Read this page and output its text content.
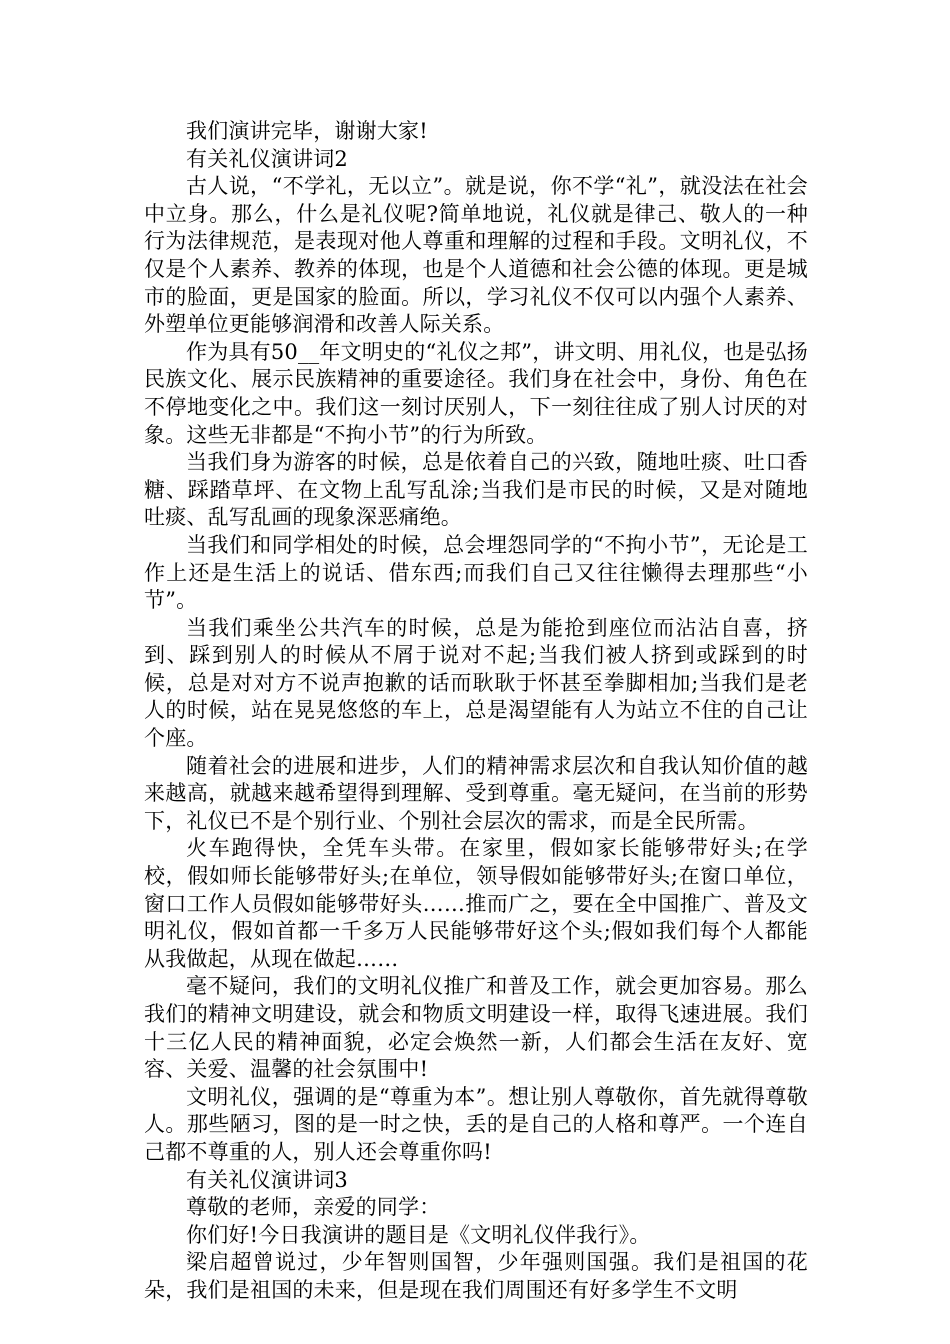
我们演讲完毕，谢谢大家!

有关礼仪演讲词2

古人说，“不学礼，无以立”。就是说，你不学“礼”，就没法在社会中立身。那么，什么是礼仪呢?简单地说，礼仪就是律己、敬人的一种行为法律规范，是表现对他人尊重和理解的过程和手段。文明礼仪，不仅是个人素养、教养的体现，也是个人道德和社会公德的体现。更是城市的脸面，更是国家的脸面。所以，学习礼仪不仅可以内强个人素养、外塑单位更能够润滑和改善人际关系。

作为具有50__年文明史的“礼仪之邦”，讲文明、用礼仪，也是弘扬民族文化、展示民族精神的重要途径。我们身在社会中，身份、角色在不停地变化之中。我们这一刻讨厌别人，下一刻往往成了别人讨厌的对象。这些无非都是“不拘小节”的行为所致。

当我们身为游客的时候，总是依着自己的兴致，随地吐痰、吐口香糖、踩踏草坪、在文物上乱写乱涂;当我们是市民的时候，又是对随地吐痰、乱写乱画的现象深恶痛绝。

当我们和同学相处的时候，总会埋怨同学的“不拘小节”，无论是工作上还是生活上的说话、借东西;而我们自己又往往懒得去理那些“小节”。

当我们乘坐公共汽车的时候，总是为能抢到座位而沾沾自喜，挤到、踩到别人的时候从不屑于说对不起;当我们被人挤到或踩到的时候，总是对对方不说声抱歉的话而耿耿于怀甚至拳脚相加;当我们是老人的时候，站在晃晃悠悠的车上，总是渴望能有人为站立不住的自己让个座。

随着社会的进展和进步，人们的精神需求层次和自我认知价值的越来越高，就越来越希望得到理解、受到尊重。毫无疑问，在当前的形势下，礼仪已不是个别行业、个别社会层次的需求，而是全民所需。

火车跑得快，全凭车头带。在家里，假如家长能够带好头;在学校，假如师长能够带好头;在单位，领导假如能够带好头;在窗口单位，窗口工作人员假如能够带好头……推而广之，要在全中国推广、普及文明礼仪，假如首都一千多万人民能够带好这个头;假如我们每个人都能从我做起，从现在做起……

毫不疑问，我们的文明礼仪推广和普及工作，就会更加容易。那么我们的精神文明建设，就会和物质文明建设一样，取得飞速进展。我们十三亿人民的精神面貌，必定会焕然一新，人们都会生活在友好、宽容、关爱、温馨的社会氛围中!

文明礼仪，强调的是“尊重为本”。想让别人尊敬你，首先就得尊敬人。那些陋习，图的是一时之快，丢的是自己的人格和尊严。一个连自己都不尊重的人，别人还会尊重你吗!

有关礼仪演讲词3

尊敬的老师，亲爱的同学：

你们好!今日我演讲的题目是《文明礼仪伴我行》。

梁启超曾说过，少年智则国智，少年强则国强。我们是祖国的花朵，我们是祖国的未来，但是现在我们周围还有好多学生不文明
